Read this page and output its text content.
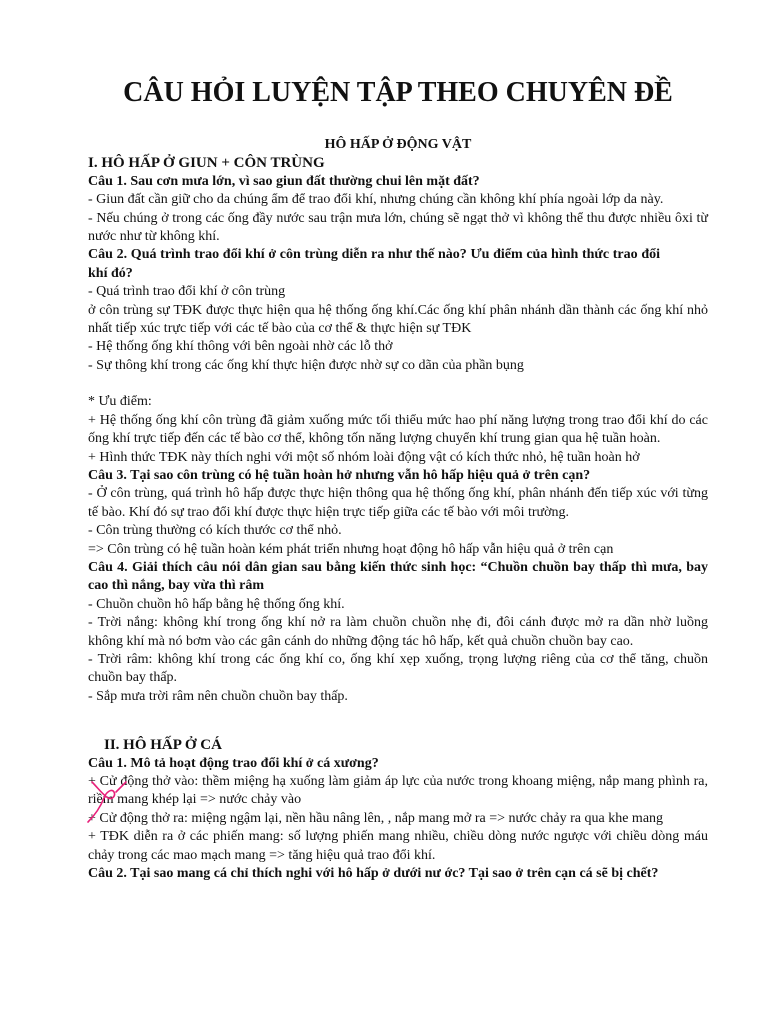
CÂU HỎI LUYỆN TẬP THEO CHUYÊN ĐỀ
HÔ HẤP Ở ĐỘNG VẬT
I. HÔ HẤP Ở GIUN + CÔN TRÙNG

Câu 1. Sau cơn mưa lớn, vì sao giun đất thường chui lên mặt đất?

- Giun đất cần giữ cho da chúng ẩm để trao đổi khí, nhưng chúng cần không khí phía ngoài lớp da này.

- Nếu chúng ở trong các ống đầy nước sau trận mưa lớn, chúng sẽ ngạt thở vì không thể thu được nhiều ôxi từ nước như từ không khí.

Câu 2. Quá trình trao đổi khí ở côn trùng diễn ra như thế nào? Ưu điểm của hình thức trao đổi khí đó?

- Quá trình trao đổi khí ở côn trùng

ở côn trùng sự TĐK được thực hiện qua hệ thống ống khí.Các ống khí phân nhánh dần thành các ống khí nhỏ nhất tiếp xúc trực tiếp với các tế bào của cơ thể & thực hiện sự TĐK

- Hệ thống ống khí thông với bên ngoài nhờ các lỗ thở

- Sự thông khí trong các ống khí thực hiện được nhờ sự co dãn của phần bụng

* Ưu điểm:

+ Hệ thống ống khí côn trùng đã giảm xuống mức tối thiểu mức hao phí năng lượng trong trao đổi khí do các ống khí trực tiếp đến các tế bào cơ thể, không tốn năng lượng chuyển khí trung gian qua hệ tuần hoàn.

+ Hình thức TĐK này thích nghi với một số nhóm loài động vật có kích thức nhỏ, hệ tuần hoàn hở

Câu 3. Tại sao côn trùng có hệ tuần hoàn hở nhưng vẫn hô hấp hiệu quả ở trên cạn?

- Ở côn trùng, quá trình hô hấp được thực hiện thông qua hệ thống ống khí, phân nhánh đến tiếp xúc với từng tế bào. Khí đó sự trao đổi khí được thực hiện trực tiếp giữa các tế bào với môi trường.

- Côn trùng thường có kích thước cơ thể nhỏ.

=> Côn trùng có hệ tuần hoàn kém phát triển nhưng hoạt động hô hấp vẫn hiệu quả ở trên cạn

Câu 4. Giải thích câu nói dân gian sau bằng kiến thức sinh học: “Chuồn chuồn bay thấp thì mưa, bay cao thì nắng, bay vừa thì râm

- Chuồn chuồn hô hấp bằng hệ thống ống khí.

- Trời nắng: không khí trong ống khí nở ra làm chuồn chuồn nhẹ đi, đôi cánh được mở ra dần nhờ luồng không khí mà nó bơm vào các gân cánh do những động tác hô hấp, kết quả chuồn chuồn bay cao.

- Trời râm: không khí trong các ống khí co, ống khí xẹp xuống, trọng lượng riêng của cơ thể tăng, chuồn chuồn bay thấp.

- Sắp mưa trời râm nên chuồn chuồn bay thấp.

II. HÔ HẤP Ở CÁ

Câu 1. Mô tả hoạt động trao đổi khí ở cá xương?

+ Cử động thở vào: thềm miệng hạ xuống làm giảm áp lực của nước trong khoang miệng, nắp mang phình ra, riềm mang khép lại => nước chảy vào

+ Cử động thở ra: miệng ngậm lại, nền hầu nâng lên, , nắp mang mở ra => nước chảy ra qua khe mang

+ TĐK diễn ra ở các phiến mang: số lượng phiến mang nhiều, chiều dòng nước ngược với chiều dòng máu chảy trong các mao mạch mang => tăng hiệu quả trao đổi khí.

Câu 2. Tại sao mang cá chỉ thích nghi với hô hấp ở dưới nư ớc? Tại sao ở trên cạn cá sẽ bị chết?
